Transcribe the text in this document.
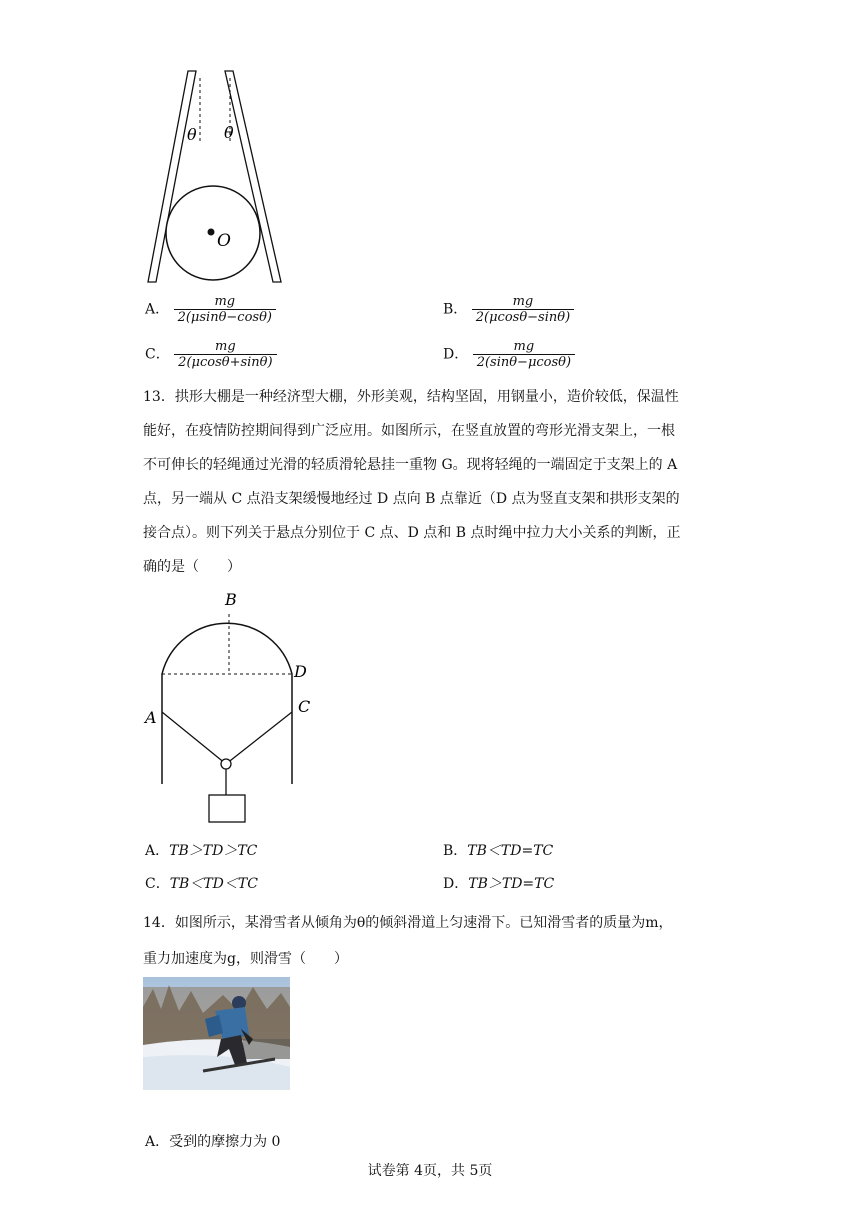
O
θ θ
A． $\frac{mg}{2(\mu\sin\theta-\cos\theta)}$	B． $\frac{mg}{2(\mu\cos\theta-\sin\theta)}$
C． $\frac{mg}{2(\mu\cos\theta+\sin\theta)}$	D． $\frac{mg}{2(\sin\theta-\mu\cos\theta)}$
13．拱形大棚是一种经济型大棚，外形美观，结构坚固，用钢量小，造价较低，保温性
能好，在疫情防控期间得到广泛应用。如图所示，在竖直放置的弯形光滑支架上，一根
不可伸长的轻绳通过光滑的轻质滑轮悬挂一重物 G。现将轻绳的一端固定于支架上的 A
点，另一端从 C 点沿支架缓慢地经过 D 点向 B 点靠近（D 点为竖直支架和拱形支架的
接合点）。则下列关于悬点分别位于 C 点、D 点和 B 点时绳中拉力大小关系的判断，正
确的是（　　）
B
D
A
C
A．TB＞TD＞TC	B．TB＜TD=TC
C．TB＜TD＜TC	D．TB＞TD=TC
14．如图所示，某滑雪者从倾角为θ的倾斜滑道上匀速滑下。已知滑雪者的质量为m，
重力加速度为g，则滑雪（　　）
A．受到的摩擦力为 0
试卷第 4页，共 5页
